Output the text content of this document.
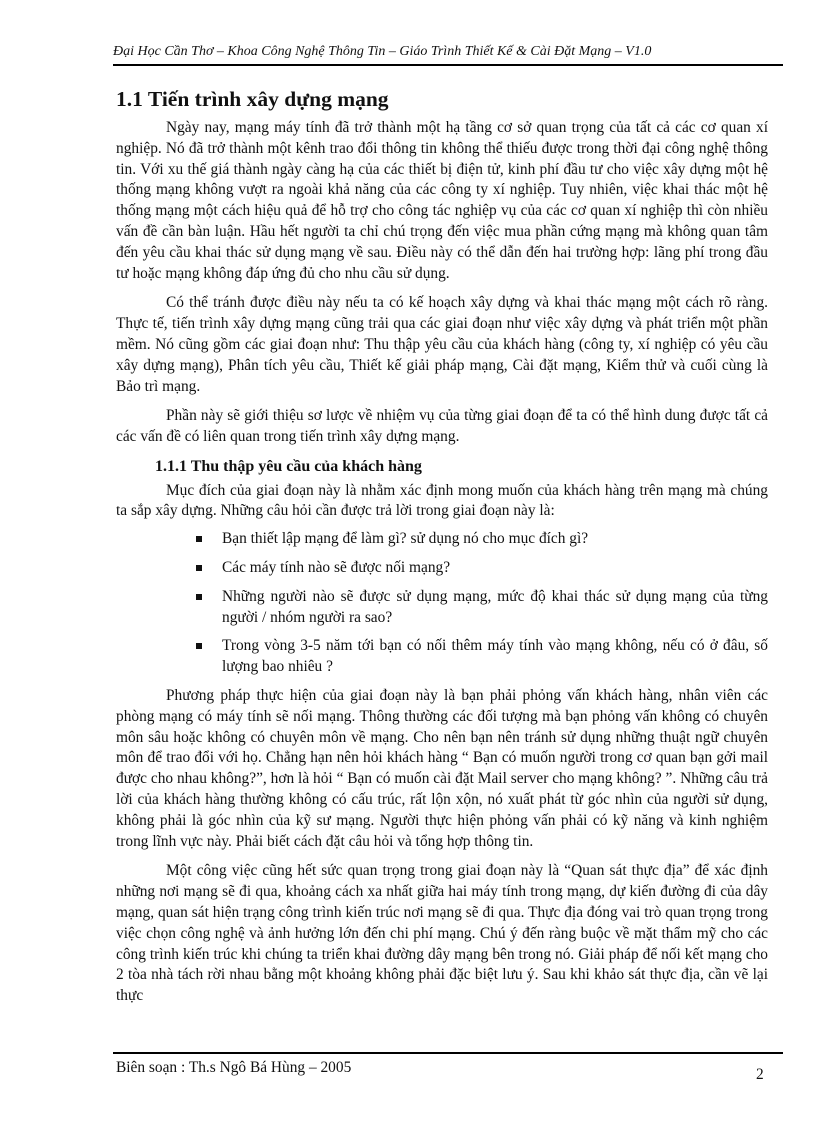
Đại Học Cần Thơ – Khoa Công Nghệ Thông Tin – Giáo Trình Thiết Kế & Cài Đặt Mạng – V1.0
1.1 Tiến trình xây dựng mạng

Ngày nay, mạng máy tính đã trở thành một hạ tầng cơ sở quan trọng của tất cả các cơ quan xí nghiệp. Nó đã trở thành một kênh trao đổi thông tin không thể thiếu được trong thời đại công nghệ thông tin. Với xu thế giá thành ngày càng hạ của các thiết bị điện tử, kinh phí đầu tư cho việc xây dựng một hệ thống mạng không vượt ra ngoài khả năng của các công ty xí nghiệp. Tuy nhiên, việc khai thác một hệ thống mạng một cách hiệu quả để hỗ trợ cho công tác nghiệp vụ của các cơ quan xí nghiệp thì còn nhiều vấn đề cần bàn luận. Hầu hết người ta chỉ chú trọng đến việc mua phần cứng mạng mà không quan tâm đến yêu cầu khai thác sử dụng mạng về sau. Điều này có thể dẫn đến hai trường hợp: lãng phí trong đầu tư hoặc mạng không đáp ứng đủ cho nhu cầu sử dụng.

Có thể tránh được điều này nếu ta có kế hoạch xây dựng và khai thác mạng một cách rõ ràng. Thực tế, tiến trình xây dựng mạng cũng trải qua các giai đoạn như việc xây dựng và phát triển một phần mềm. Nó cũng gồm các giai đoạn như: Thu thập yêu cầu của khách hàng (công ty, xí nghiệp có yêu cầu xây dựng mạng), Phân tích yêu cầu, Thiết kế giải pháp mạng, Cài đặt mạng, Kiểm thử và cuối cùng là Bảo trì mạng.

Phần này sẽ giới thiệu sơ lược về nhiệm vụ của từng giai đoạn để ta có thể hình dung được tất cả các vấn đề có liên quan trong tiến trình xây dựng mạng.

1.1.1 Thu thập yêu cầu của khách hàng

Mục đích của giai đoạn này là nhằm xác định mong muốn của khách hàng trên mạng mà chúng ta sắp xây dựng. Những câu hỏi cần được trả lời trong giai đoạn này là:

Bạn thiết lập mạng để làm gì? sử dụng nó cho mục đích gì?
Các máy tính nào sẽ được nối mạng?
Những người nào sẽ được sử dụng mạng, mức độ khai thác sử dụng mạng của từng người / nhóm người ra sao?
Trong vòng 3-5 năm tới bạn có nối thêm máy tính vào mạng không, nếu có ở đâu, số lượng bao nhiêu ?

Phương pháp thực hiện của giai đoạn này là bạn phải phỏng vấn khách hàng, nhân viên các phòng mạng có máy tính sẽ nối mạng. Thông thường các đối tượng mà bạn phỏng vấn không có chuyên môn sâu hoặc không có chuyên môn về mạng. Cho nên bạn nên tránh sử dụng những thuật ngữ chuyên môn để trao đổi với họ. Chẳng hạn nên hỏi khách hàng “ Bạn có muốn người trong cơ quan bạn gởi mail được cho nhau không?”, hơn là hỏi “ Bạn có muốn cài đặt Mail server cho mạng không? ”. Những câu trả lời của khách hàng thường không có cấu trúc, rất lộn xộn, nó xuất phát từ góc nhìn của người sử dụng, không phải là góc nhìn của kỹ sư mạng. Người thực hiện phỏng vấn phải có kỹ năng và kinh nghiệm trong lĩnh vực này. Phải biết cách đặt câu hỏi và tổng hợp thông tin.

Một công việc cũng hết sức quan trọng trong giai đoạn này là “Quan sát thực địa” để xác định những nơi mạng sẽ đi qua, khoảng cách xa nhất giữa hai máy tính trong mạng, dự kiến đường đi của dây mạng, quan sát hiện trạng công trình kiến trúc nơi mạng sẽ đi qua. Thực địa đóng vai trò quan trọng trong việc chọn công nghệ và ảnh hưởng lớn đến chi phí mạng. Chú ý đến ràng buộc về mặt thẩm mỹ cho các công trình kiến trúc khi chúng ta triển khai đường dây mạng bên trong nó. Giải pháp để nối kết mạng cho 2 tòa nhà tách rời nhau bằng một khoảng không phải đặc biệt lưu ý. Sau khi khảo sát thực địa, cần vẽ lại thực

Biên soạn : Th.s Ngô Bá Hùng – 2005	2
